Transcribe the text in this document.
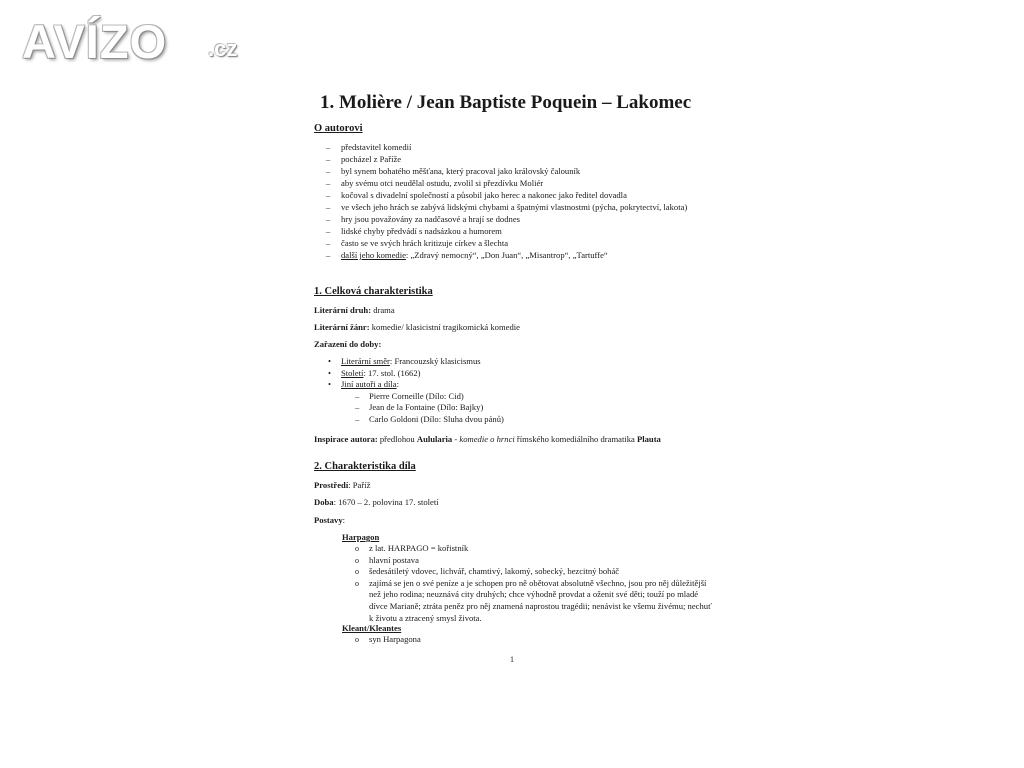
AVÍZO .cz
1. Molière / Jean Baptiste Poquein – Lakomec
O autorovi
– představitel komedií
– pocházel z Paříže
– byl synem bohatého měšťana, který pracoval jako královský čalouník
– aby svému otci neudělal ostudu, zvolil si přezdívku Moliér
– kočoval s divadelní společností a působil jako herec a nakonec jako ředitel dovadla
– ve všech jeho hrách se zabývá lidskými chybami a špatnými vlastnostmi (pýcha, pokrytectví, lakota)
– hry jsou považovány za nadčasové a hrají se dodnes
– lidské chyby předvádí s nadsázkou a humorem
– často se ve svých hrách kritizuje církev a šlechta
– další jeho komedie: „Zdravý nemocný“, „Don Juan“, „Misantrop“, „Tartuffe“
1. Celková charakteristika
Literární druh: drama
Literární žánr: komedie/ klasicistní tragikomická komedie
Zařazení do doby:
• Literární směr: Francouzský klasicismus
• Století: 17. stol. (1662)
• Jiní autoři a díla:
– Pierre Corneille (Dílo: Cid)
– Jean de la Fontaine (Dílo: Bajky)
– Carlo Goldoni (Dílo: Sluha dvou pánů)
Inspirace autora: předlohou Aulularia - komedie o hrnci římského komediálního dramatika Plauta
2. Charakteristika díla
Prostředí: Paříž
Doba: 1670 – 2. polovina 17. století
Postavy:
Harpagon
o z lat. HARPAGO = kořistník
o hlavní postava
o šedesátiletý vdovec, lichvář, chamtivý, lakomý, sobecký, bezcitný boháč
o zajímá se jen o své peníze a je schopen pro ně obětovat absolutně všechno, jsou pro něj důležitější než jeho rodina; neuznává city druhých; chce výhodně provdat a oženit své děti; touží po mladé dívce Marianě; ztráta peněz pro něj znamená naprostou tragédii; nenávist ke všemu živému; nechuť k životu a ztracený smysl života.
Kleant/Kleantes
o syn Harpagona
1
